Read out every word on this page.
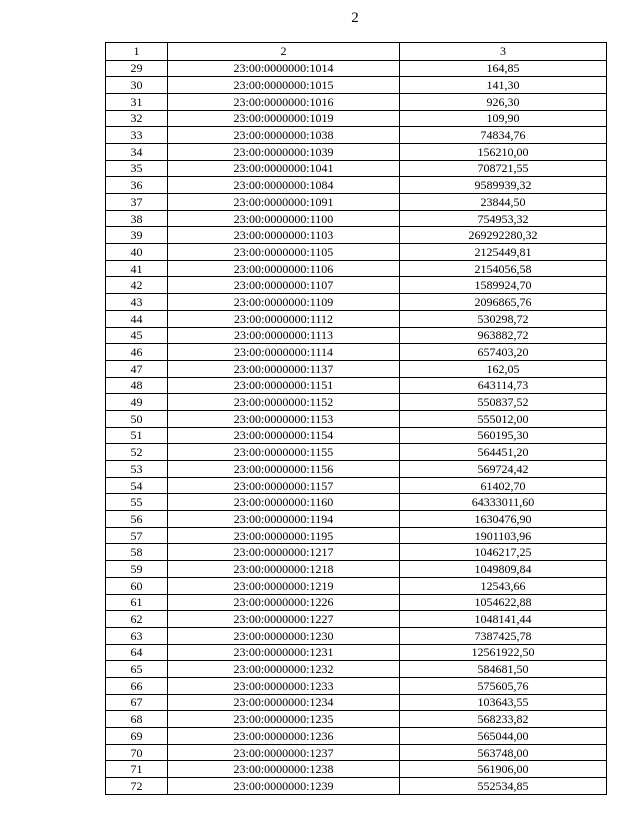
2
1	2	3
29	23:00:0000000:1014	164,85
30	23:00:0000000:1015	141,30
31	23:00:0000000:1016	926,30
32	23:00:0000000:1019	109,90
33	23:00:0000000:1038	74834,76
34	23:00:0000000:1039	156210,00
35	23:00:0000000:1041	708721,55
36	23:00:0000000:1084	9589939,32
37	23:00:0000000:1091	23844,50
38	23:00:0000000:1100	754953,32
39	23:00:0000000:1103	269292280,32
40	23:00:0000000:1105	2125449,81
41	23:00:0000000:1106	2154056,58
42	23:00:0000000:1107	1589924,70
43	23:00:0000000:1109	2096865,76
44	23:00:0000000:1112	530298,72
45	23:00:0000000:1113	963882,72
46	23:00:0000000:1114	657403,20
47	23:00:0000000:1137	162,05
48	23:00:0000000:1151	643114,73
49	23:00:0000000:1152	550837,52
50	23:00:0000000:1153	555012,00
51	23:00:0000000:1154	560195,30
52	23:00:0000000:1155	564451,20
53	23:00:0000000:1156	569724,42
54	23:00:0000000:1157	61402,70
55	23:00:0000000:1160	64333011,60
56	23:00:0000000:1194	1630476,90
57	23:00:0000000:1195	1901103,96
58	23:00:0000000:1217	1046217,25
59	23:00:0000000:1218	1049809,84
60	23:00:0000000:1219	12543,66
61	23:00:0000000:1226	1054622,88
62	23:00:0000000:1227	1048141,44
63	23:00:0000000:1230	7387425,78
64	23:00:0000000:1231	12561922,50
65	23:00:0000000:1232	584681,50
66	23:00:0000000:1233	575605,76
67	23:00:0000000:1234	103643,55
68	23:00:0000000:1235	568233,82
69	23:00:0000000:1236	565044,00
70	23:00:0000000:1237	563748,00
71	23:00:0000000:1238	561906,00
72	23:00:0000000:1239	552534,85
